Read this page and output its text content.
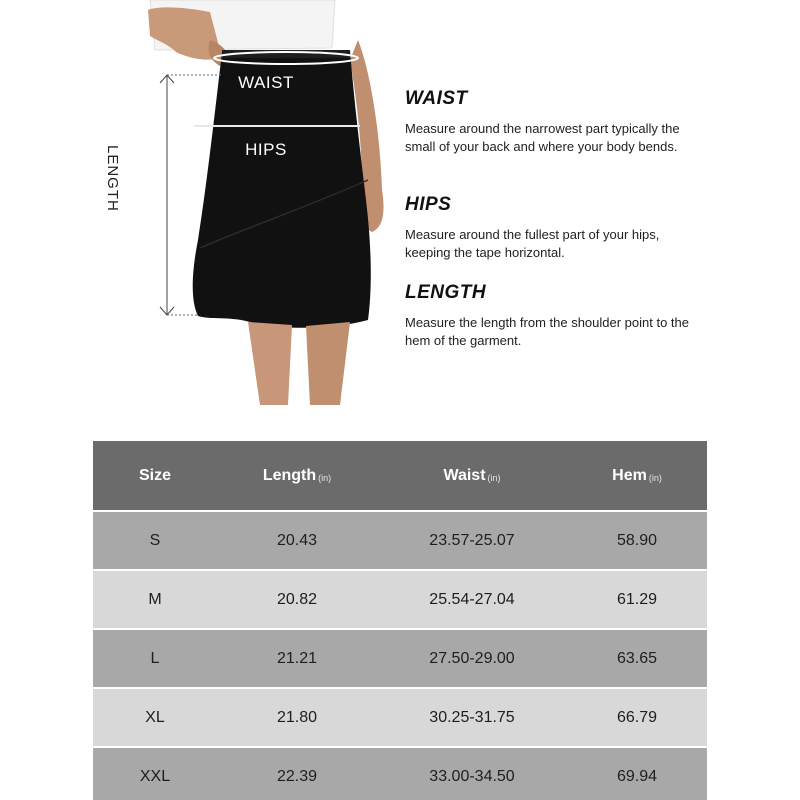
LENGTH
WAIST
HIPS
WAIST

Measure around the narrowest part typically the small of your back and where your body bends.

HIPS

Measure around the fullest part of your hips, keeping the tape horizontal.

LENGTH

Measure the length from the shoulder point to the hem of the garment.

Size	Length (in)	Waist (in)	Hem (in)
S	20.43	23.57-25.07	58.90
M	20.82	25.54-27.04	61.29
L	21.21	27.50-29.00	63.65
XL	21.80	30.25-31.75	66.79
XXL	22.39	33.00-34.50	69.94
